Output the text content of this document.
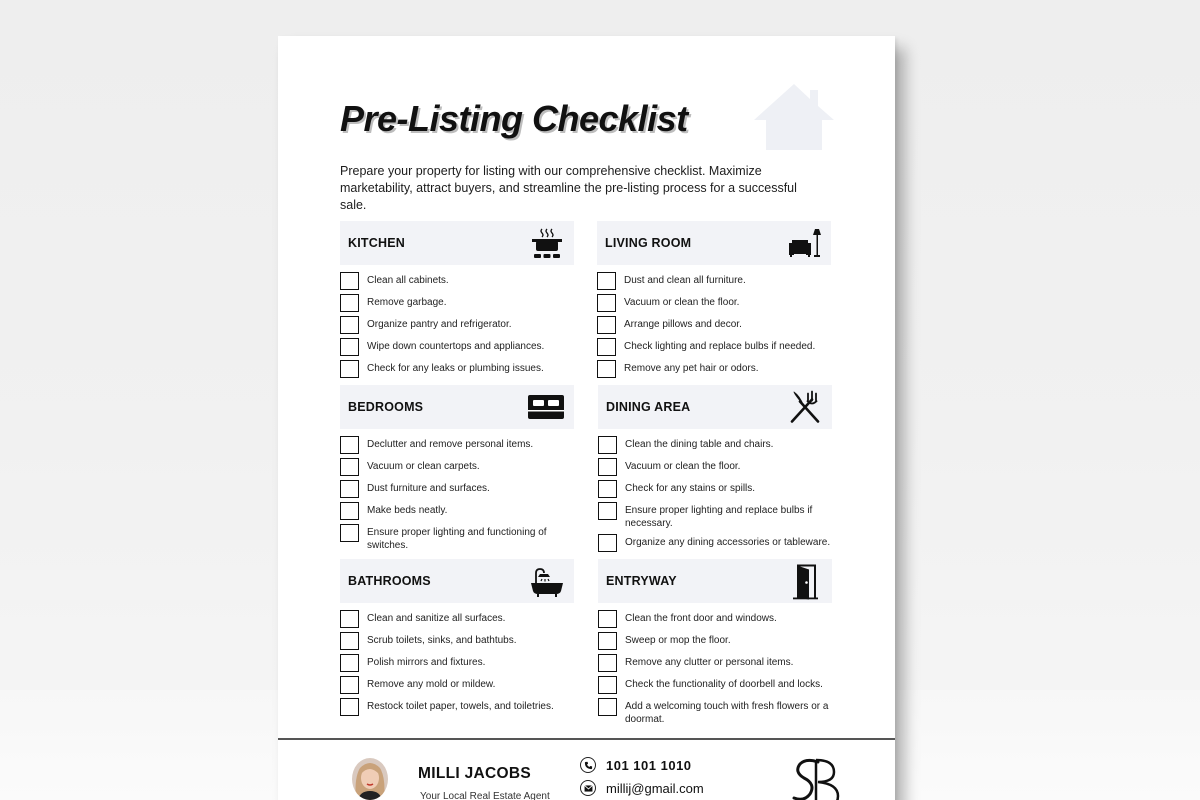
Pre-Listing Checklist

Prepare your property for listing with our comprehensive checklist. Maximize marketability, attract buyers, and streamline the pre-listing process for a successful sale.

KITCHEN
Clean all cabinets.
Remove garbage.
Organize pantry and refrigerator.
Wipe down countertops and appliances.
Check for any leaks or plumbing issues.
LIVING ROOM
Dust and clean all furniture.
Vacuum or clean the floor.
Arrange pillows and decor.
Check lighting and replace bulbs if needed.
Remove any pet hair or odors.
BEDROOMS
Declutter and remove personal items.
Vacuum or clean carpets.
Dust furniture and surfaces.
Make beds neatly.
Ensure proper lighting and functioning of switches.
DINING AREA
Clean the dining table and chairs.
Vacuum or clean the floor.
Check for any stains or spills.
Ensure proper lighting and replace bulbs if necessary.
Organize any dining accessories or tableware.
BATHROOMS
Clean and sanitize all surfaces.
Scrub toilets, sinks, and bathtubs.
Polish mirrors and fixtures.
Remove any mold or mildew.
Restock toilet paper, towels, and toiletries.
ENTRYWAY
Clean the front door and windows.
Sweep or mop the floor.
Remove any clutter or personal items.
Check the functionality of doorbell and locks.
Add a welcoming touch with fresh flowers or a doormat.
MILLI JACOBS
Your Local Real Estate Agent
101 101 1010
millij@gmail.com
